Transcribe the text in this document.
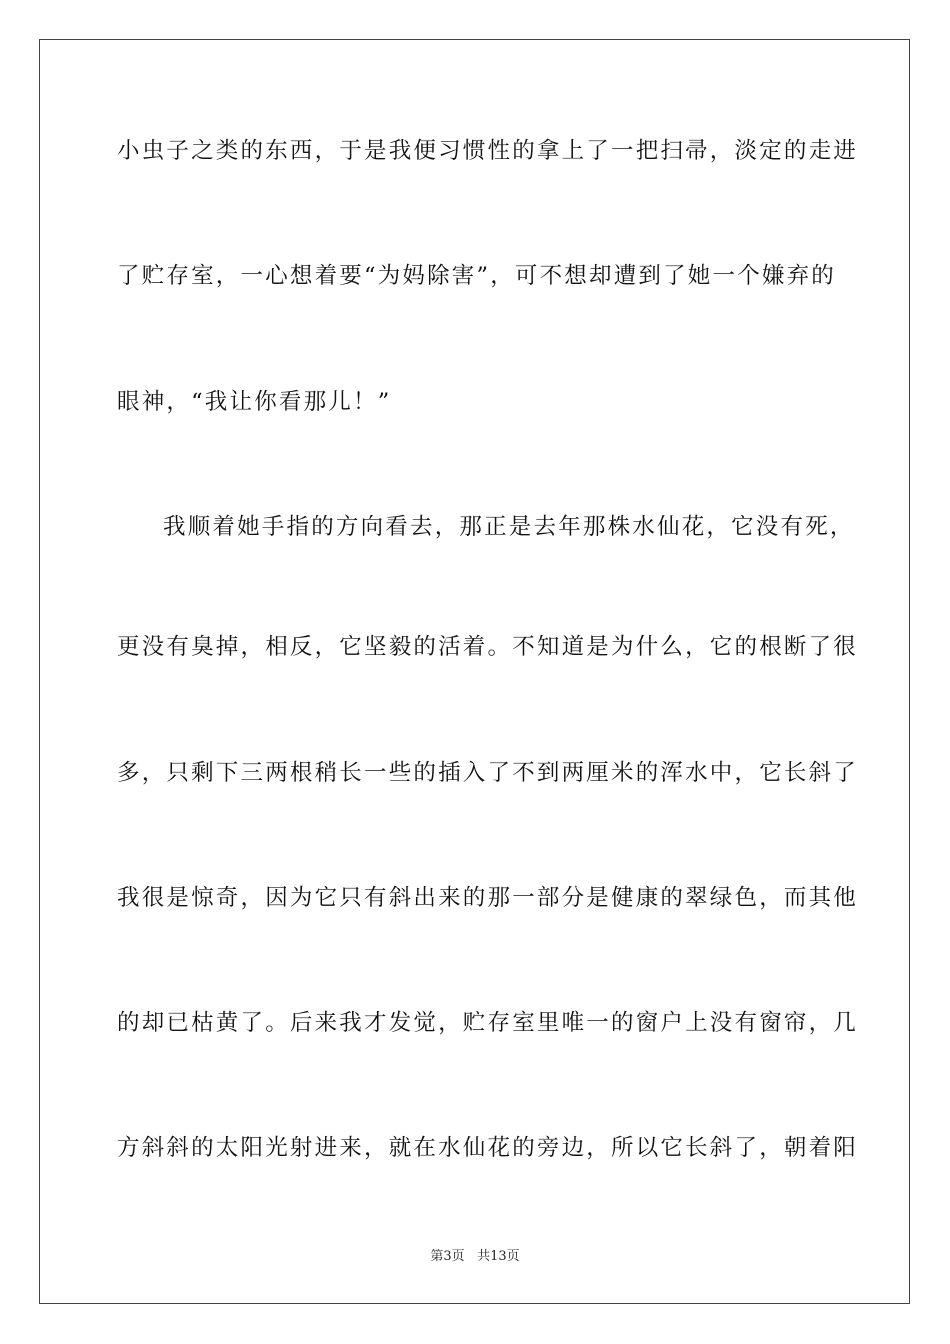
小虫子之类的东西，于是我便习惯性的拿上了一把扫帚，淡定的走进
了贮存室，一心想着要“为妈除害”，可不想却遭到了她一个嫌弃的
眼神，“我让你看那儿！”
我顺着她手指的方向看去，那正是去年那株水仙花，它没有死，
更没有臭掉，相反，它坚毅的活着。不知道是为什么，它的根断了很
多，只剩下三两根稍长一些的插入了不到两厘米的浑水中，它长斜了
我很是惊奇，因为它只有斜出来的那一部分是健康的翠绿色，而其他
的却已枯黄了。后来我才发觉，贮存室里唯一的窗户上没有窗帘，几
方斜斜的太阳光射进来，就在水仙花的旁边，所以它长斜了，朝着阳
第3页 共13页
